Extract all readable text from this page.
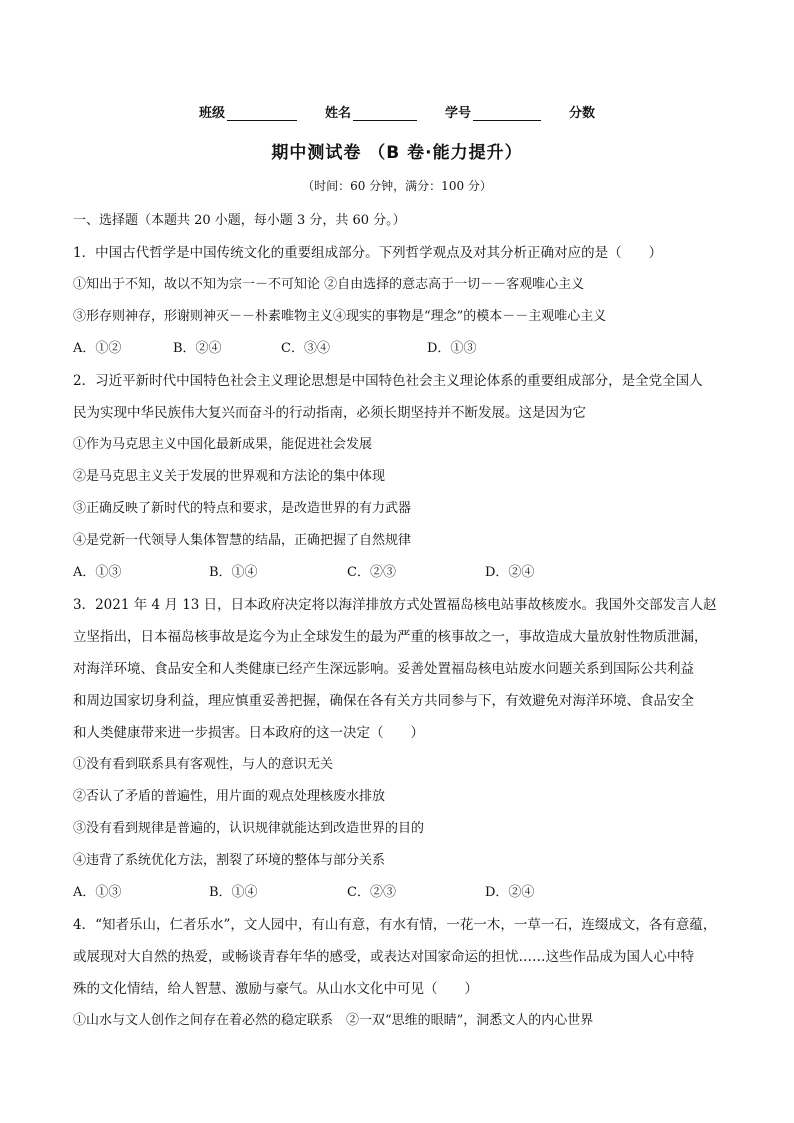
班级	姓名	学号	分数
期中测试卷 （B 卷·能力提升）
（时间：60 分钟，满分：100 分）
一、选择题（本题共 20 小题，每小题 3 分，共 60 分。）
1．中国古代哲学是中国传统文化的重要组成部分。下列哲学观点及对其分析正确对应的是（　　）
①知出于不知，故以不知为宗一－不可知论 ②自由选择的意志高于一切－－客观唯心主义
③形存则神存，形谢则神灭－－朴素唯物主义④现实的事物是“理念”的模本－－主观唯心主义
A．①②	B．②④	C．③④	D．①③
2．习近平新时代中国特色社会主义理论思想是中国特色社会主义理论体系的重要组成部分，是全党全国人
民为实现中华民族伟大复兴而奋斗的行动指南，必须长期坚持并不断发展。这是因为它
①作为马克思主义中国化最新成果，能促进社会发展
②是马克思主义关于发展的世界观和方法论的集中体现
③正确反映了新时代的特点和要求，是改造世界的有力武器
④是党新一代领导人集体智慧的结晶，正确把握了自然规律
A．①③	B．①④	C．②③	D．②④
3．2021 年 4 月 13 日，日本政府决定将以海洋排放方式处置福岛核电站事故核废水。我国外交部发言人赵
立坚指出，日本福岛核事故是迄今为止全球发生的最为严重的核事故之一，事故造成大量放射性物质泄漏，
对海洋环境、食品安全和人类健康已经产生深远影响。妥善处置福岛核电站废水问题关系到国际公共利益
和周边国家切身利益，理应慎重妥善把握，确保在各有关方共同参与下，有效避免对海洋环境、食品安全
和人类健康带来进一步损害。日本政府的这一决定（　　）
①没有看到联系具有客观性，与人的意识无关
②否认了矛盾的普遍性，用片面的观点处理核废水排放
③没有看到规律是普遍的，认识规律就能达到改造世界的目的
④违背了系统优化方法，割裂了环境的整体与部分关系
A．①③	B．①④	C．②③	D．②④
4．“知者乐山，仁者乐水”，文人园中，有山有意，有水有情，一花一木，一草一石，连缀成文，各有意蕴，
或展现对大自然的热爱，或畅谈青春年华的感受，或表达对国家命运的担忧……这些作品成为国人心中特
殊的文化情结，给人智慧、激励与豪气。从山水文化中可见（　　）
①山水与文人创作之间存在着必然的稳定联系　②一双“思维的眼睛”，洞悉文人的内心世界
